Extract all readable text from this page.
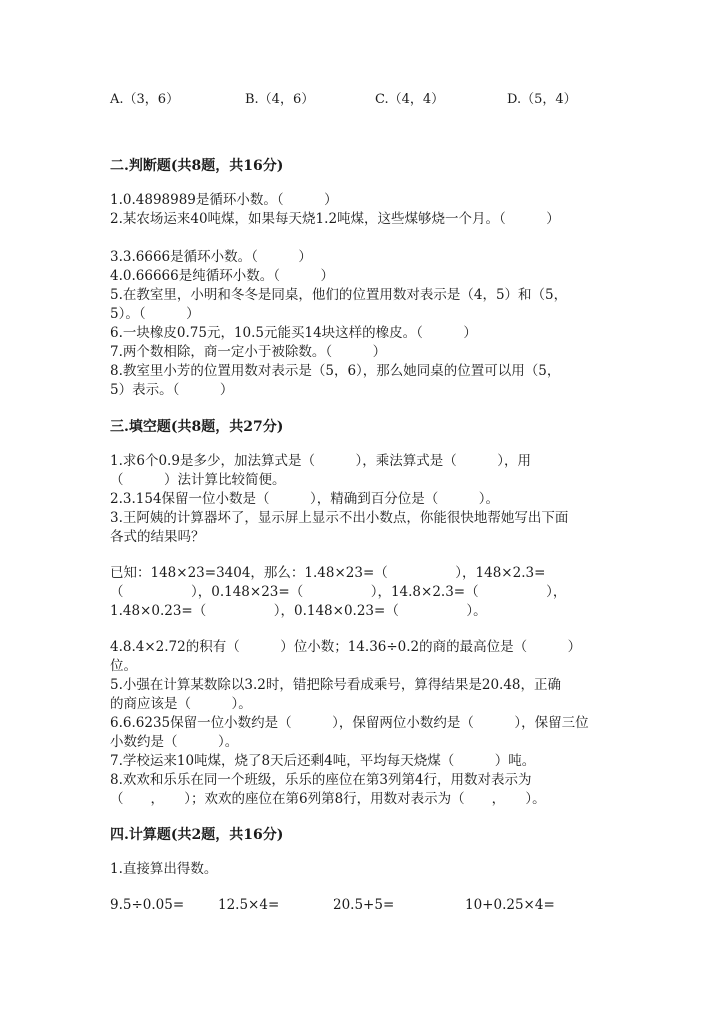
A.（3，6）	B.（4，6）	C.（4，4）	D.（5，4）
二.判断题(共8题，共16分)
1.0.4898989是循环小数。（　　　）
2.某农场运来40吨煤，如果每天烧1.2吨煤，这些煤够烧一个月。（　　　）
3.3.6666是循环小数。（　　　）
4.0.66666是纯循环小数。（　　　）
5.在教室里，小明和冬冬是同桌，他们的位置用数对表示是（4，5）和（5，
5）。（　　　）
6.一块橡皮0.75元，10.5元能买14块这样的橡皮。（　　　）
7.两个数相除，商一定小于被除数。（　　　）
8.教室里小芳的位置用数对表示是（5，6），那么她同桌的位置可以用（5，
5）表示。（　　　）
三.填空题(共8题，共27分)
1.求6个0.9是多少，加法算式是（　　　），乘法算式是（　　　），用
（　　　）法计算比较简便。
2.3.154保留一位小数是（　　　），精确到百分位是（　　　）。
3.王阿姨的计算器坏了，显示屏上显示不出小数点，你能很快地帮她写出下面
各式的结果吗？
已知：148×23=3404，那么：1.48×23=（　　　　　），148×2.3=
（　　　　　），0.148×23=（　　　　　），14.8×2.3=（　　　　　），
1.48×0.23=（　　　　　），0.148×0.23=（　　　　　）。
4.8.4×2.72的积有（　　　）位小数；14.36÷0.2的商的最高位是（　　　）
位。
5.小强在计算某数除以3.2时，错把除号看成乘号，算得结果是20.48，正确
的商应该是（　　　）。
6.6.6235保留一位小数约是（　　　），保留两位小数约是（　　　），保留三位
小数约是（　　　）。
7.学校运来10吨煤，烧了8天后还剩4吨，平均每天烧煤（　　　）吨。
8.欢欢和乐乐在同一个班级，乐乐的座位在第3列第4行，用数对表示为
（　　，　　）；欢欢的座位在第6列第8行，用数对表示为（　　，　　）。
四.计算题(共2题，共16分)
1.直接算出得数。
9.5÷0.05=	12.5×4=	20.5+5=	10+0.25×4=
